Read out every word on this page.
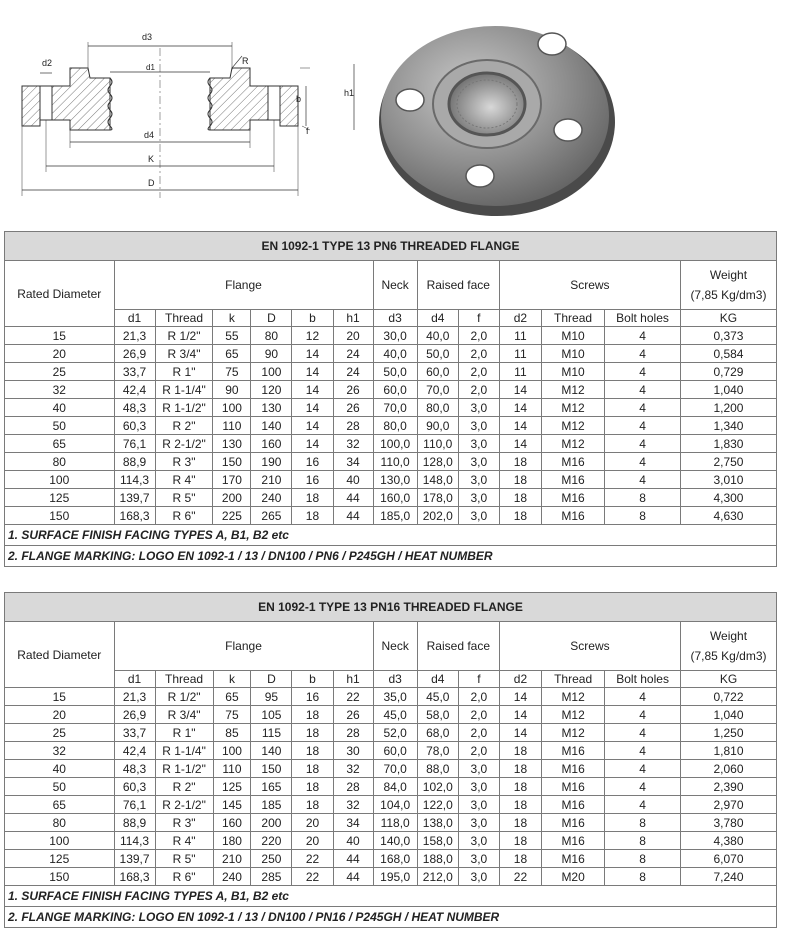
d3
d2	d1
R
b
f
d4
K
D
h1
EN 1092-1 TYPE 13 PN6 THREADED FLANGE													
Rated Diameter	Flange						Neck	Raised face		Screws			Weight
(7,85 Kg/dm3)
	d1	Thread	k	D	b	h1	d3	d4	f	d2	Thread	Bolt holes	KG
15	21,3	R 1/2"	55	80	12	20	30,0	40,0	2,0	11	M10	4	0,373
20	26,9	R 3/4"	65	90	14	24	40,0	50,0	2,0	11	M10	4	0,584
25	33,7	R 1"	75	100	14	24	50,0	60,0	2,0	11	M10	4	0,729
32	42,4	R 1-1/4"	90	120	14	26	60,0	70,0	2,0	14	M12	4	1,040
40	48,3	R 1-1/2"	100	130	14	26	70,0	80,0	3,0	14	M12	4	1,200
50	60,3	R 2"	110	140	14	28	80,0	90,0	3,0	14	M12	4	1,340
65	76,1	R 2-1/2"	130	160	14	32	100,0	110,0	3,0	14	M12	4	1,830
80	88,9	R 3"	150	190	16	34	110,0	128,0	3,0	18	M16	4	2,750
100	114,3	R 4"	170	210	16	40	130,0	148,0	3,0	18	M16	4	3,010
125	139,7	R 5"	200	240	18	44	160,0	178,0	3,0	18	M16	8	4,300
150	168,3	R 6"	225	265	18	44	185,0	202,0	3,0	18	M16	8	4,630
1. SURFACE FINISH FACING TYPES A, B1, B2 etc													
2. FLANGE MARKING: LOGO EN 1092-1 / 13 / DN100 / PN6 / P245GH / HEAT NUMBER													
EN 1092-1 TYPE 13 PN16 THREADED FLANGE													
Rated Diameter	Flange						Neck	Raised face		Screws			Weight
(7,85 Kg/dm3)
	d1	Thread	k	D	b	h1	d3	d4	f	d2	Thread	Bolt holes	KG
15	21,3	R 1/2"	65	95	16	22	35,0	45,0	2,0	14	M12	4	0,722
20	26,9	R 3/4"	75	105	18	26	45,0	58,0	2,0	14	M12	4	1,040
25	33,7	R 1"	85	115	18	28	52,0	68,0	2,0	14	M12	4	1,250
32	42,4	R 1-1/4"	100	140	18	30	60,0	78,0	2,0	18	M16	4	1,810
40	48,3	R 1-1/2"	110	150	18	32	70,0	88,0	3,0	18	M16	4	2,060
50	60,3	R 2"	125	165	18	28	84,0	102,0	3,0	18	M16	4	2,390
65	76,1	R 2-1/2"	145	185	18	32	104,0	122,0	3,0	18	M16	4	2,970
80	88,9	R 3"	160	200	20	34	118,0	138,0	3,0	18	M16	8	3,780
100	114,3	R 4"	180	220	20	40	140,0	158,0	3,0	18	M16	8	4,380
125	139,7	R 5"	210	250	22	44	168,0	188,0	3,0	18	M16	8	6,070
150	168,3	R 6"	240	285	22	44	195,0	212,0	3,0	22	M20	8	7,240
1. SURFACE FINISH FACING TYPES A, B1, B2 etc													
2. FLANGE MARKING: LOGO EN 1092-1 / 13 / DN100 / PN16 / P245GH / HEAT NUMBER													
